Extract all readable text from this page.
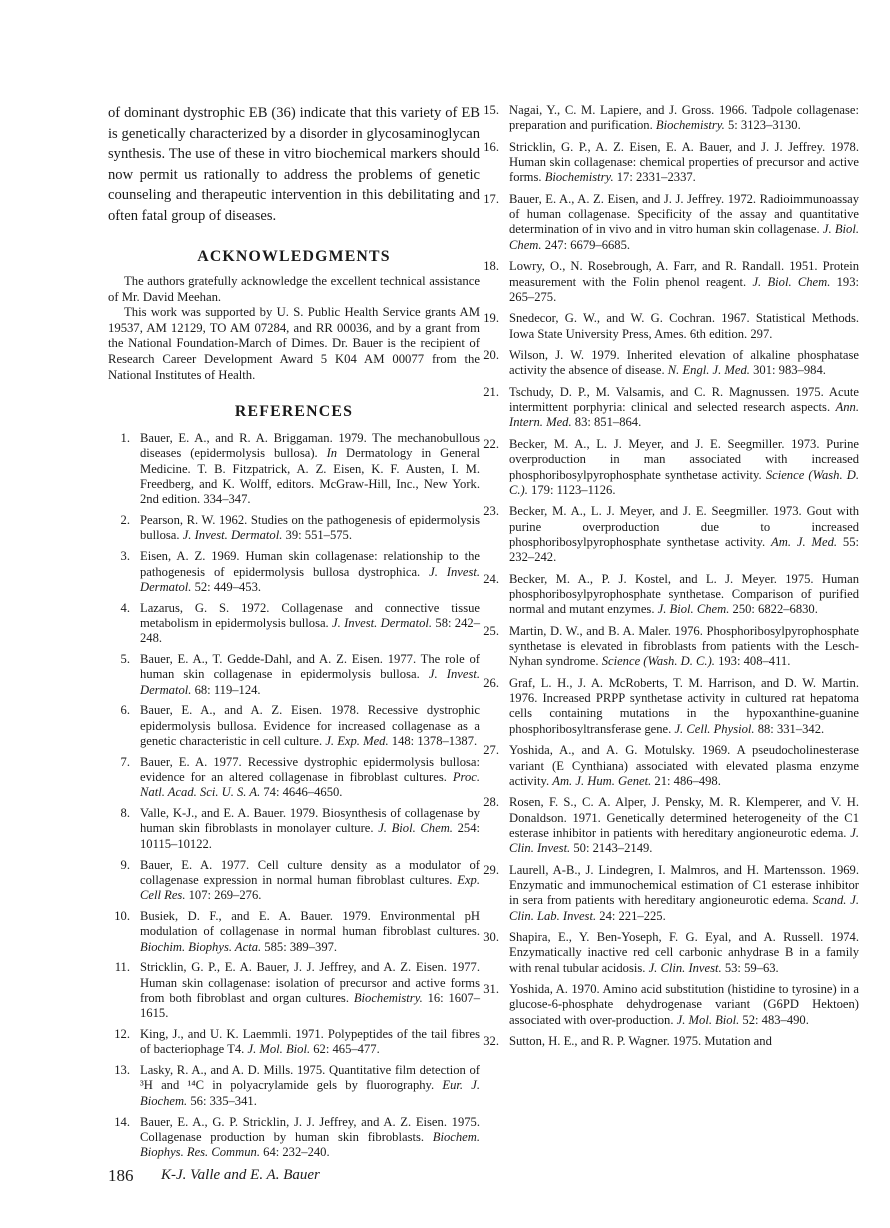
of dominant dystrophic EB (36) indicate that this variety of EB is genetically characterized by a disorder in glycosaminoglycan synthesis. The use of these in vitro biochemical markers should now permit us rationally to address the problems of genetic counseling and therapeutic intervention in this debilitating and often fatal group of diseases.

ACKNOWLEDGMENTS

The authors gratefully acknowledge the excellent technical assistance of Mr. David Meehan.

This work was supported by U. S. Public Health Service grants AM 19537, AM 12129, TO AM 07284, and RR 00036, and by a grant from the National Foundation-March of Dimes. Dr. Bauer is the recipient of Research Career Development Award 5 K04 AM 00077 from the National Institutes of Health.

REFERENCES
1. Bauer, E. A., and R. A. Briggaman. 1979. The mechanobullous diseases (epidermolysis bullosa). In Dermatology in General Medicine. T. B. Fitzpatrick, A. Z. Eisen, K. F. Austen, I. M. Freedberg, and K. Wolff, editors. McGraw-Hill, Inc., New York. 2nd edition. 334–347.
2. Pearson, R. W. 1962. Studies on the pathogenesis of epidermolysis bullosa. J. Invest. Dermatol. 39: 551–575.
3. Eisen, A. Z. 1969. Human skin collagenase: relationship to the pathogenesis of epidermolysis bullosa dystrophica. J. Invest. Dermatol. 52: 449–453.
4. Lazarus, G. S. 1972. Collagenase and connective tissue metabolism in epidermolysis bullosa. J. Invest. Dermatol. 58: 242–248.
5. Bauer, E. A., T. Gedde-Dahl, and A. Z. Eisen. 1977. The role of human skin collagenase in epidermolysis bullosa. J. Invest. Dermatol. 68: 119–124.
6. Bauer, E. A., and A. Z. Eisen. 1978. Recessive dystrophic epidermolysis bullosa. Evidence for increased collagenase as a genetic characteristic in cell culture. J. Exp. Med. 148: 1378–1387.
7. Bauer, E. A. 1977. Recessive dystrophic epidermolysis bullosa: evidence for an altered collagenase in fibroblast cultures. Proc. Natl. Acad. Sci. U. S. A. 74: 4646–4650.
8. Valle, K-J., and E. A. Bauer. 1979. Biosynthesis of collagenase by human skin fibroblasts in monolayer culture. J. Biol. Chem. 254: 10115–10122.
9. Bauer, E. A. 1977. Cell culture density as a modulator of collagenase expression in normal human fibroblast cultures. Exp. Cell Res. 107: 269–276.
10. Busiek, D. F., and E. A. Bauer. 1979. Environmental pH modulation of collagenase in normal human fibroblast cultures. Biochim. Biophys. Acta. 585: 389–397.
11. Stricklin, G. P., E. A. Bauer, J. J. Jeffrey, and A. Z. Eisen. 1977. Human skin collagenase: isolation of precursor and active forms from both fibroblast and organ cultures. Biochemistry. 16: 1607–1615.
12. King, J., and U. K. Laemmli. 1971. Polypeptides of the tail fibres of bacteriophage T4. J. Mol. Biol. 62: 465–477.
13. Lasky, R. A., and A. D. Mills. 1975. Quantitative film detection of ³H and ¹⁴C in polyacrylamide gels by fluorography. Eur. J. Biochem. 56: 335–341.
14. Bauer, E. A., G. P. Stricklin, J. J. Jeffrey, and A. Z. Eisen. 1975. Collagenase production by human skin fibroblasts. Biochem. Biophys. Res. Commun. 64: 232–240.
15. Nagai, Y., C. M. Lapiere, and J. Gross. 1966. Tadpole collagenase: preparation and purification. Biochemistry. 5: 3123–3130.
16. Stricklin, G. P., A. Z. Eisen, E. A. Bauer, and J. J. Jeffrey. 1978. Human skin collagenase: chemical properties of precursor and active forms. Biochemistry. 17: 2331–2337.
17. Bauer, E. A., A. Z. Eisen, and J. J. Jeffrey. 1972. Radioimmunoassay of human collagenase. Specificity of the assay and quantitative determination of in vivo and in vitro human skin collagenase. J. Biol. Chem. 247: 6679–6685.
18. Lowry, O., N. Rosebrough, A. Farr, and R. Randall. 1951. Protein measurement with the Folin phenol reagent. J. Biol. Chem. 193: 265–275.
19. Snedecor, G. W., and W. G. Cochran. 1967. Statistical Methods. Iowa State University Press, Ames. 6th edition. 297.
20. Wilson, J. W. 1979. Inherited elevation of alkaline phosphatase activity the absence of disease. N. Engl. J. Med. 301: 983–984.
21. Tschudy, D. P., M. Valsamis, and C. R. Magnussen. 1975. Acute intermittent porphyria: clinical and selected research aspects. Ann. Intern. Med. 83: 851–864.
22. Becker, M. A., L. J. Meyer, and J. E. Seegmiller. 1973. Purine overproduction in man associated with increased phosphoribosylpyrophosphate synthetase activity. Science (Wash. D. C.). 179: 1123–1126.
23. Becker, M. A., L. J. Meyer, and J. E. Seegmiller. 1973. Gout with purine overproduction due to increased phosphoribosylpyrophosphate synthetase activity. Am. J. Med. 55: 232–242.
24. Becker, M. A., P. J. Kostel, and L. J. Meyer. 1975. Human phosphoribosylpyrophosphate synthetase. Comparison of purified normal and mutant enzymes. J. Biol. Chem. 250: 6822–6830.
25. Martin, D. W., and B. A. Maler. 1976. Phosphoribosylpyrophosphate synthetase is elevated in fibroblasts from patients with the Lesch-Nyhan syndrome. Science (Wash. D. C.). 193: 408–411.
26. Graf, L. H., J. A. McRoberts, T. M. Harrison, and D. W. Martin. 1976. Increased PRPP synthetase activity in cultured rat hepatoma cells containing mutations in the hypoxanthine-guanine phosphoribosyltransferase gene. J. Cell. Physiol. 88: 331–342.
27. Yoshida, A., and A. G. Motulsky. 1969. A pseudocholinesterase variant (E Cynthiana) associated with elevated plasma enzyme activity. Am. J. Hum. Genet. 21: 486–498.
28. Rosen, F. S., C. A. Alper, J. Pensky, M. R. Klemperer, and V. H. Donaldson. 1971. Genetically determined heterogeneity of the C1 esterase inhibitor in patients with hereditary angioneurotic edema. J. Clin. Invest. 50: 2143–2149.
29. Laurell, A-B., J. Lindegren, I. Malmros, and H. Martensson. 1969. Enzymatic and immunochemical estimation of C1 esterase inhibitor in sera from patients with hereditary angioneurotic edema. Scand. J. Clin. Lab. Invest. 24: 221–225.
30. Shapira, E., Y. Ben-Yoseph, F. G. Eyal, and A. Russell. 1974. Enzymatically inactive red cell carbonic anhydrase B in a family with renal tubular acidosis. J. Clin. Invest. 53: 59–63.
31. Yoshida, A. 1970. Amino acid substitution (histidine to tyrosine) in a glucose-6-phosphate dehydrogenase variant (G6PD Hektoen) associated with over-production. J. Mol. Biol. 52: 483–490.
32. Sutton, H. E., and R. P. Wagner. 1975. Mutation and
186 K-J. Valle and E. A. Bauer
